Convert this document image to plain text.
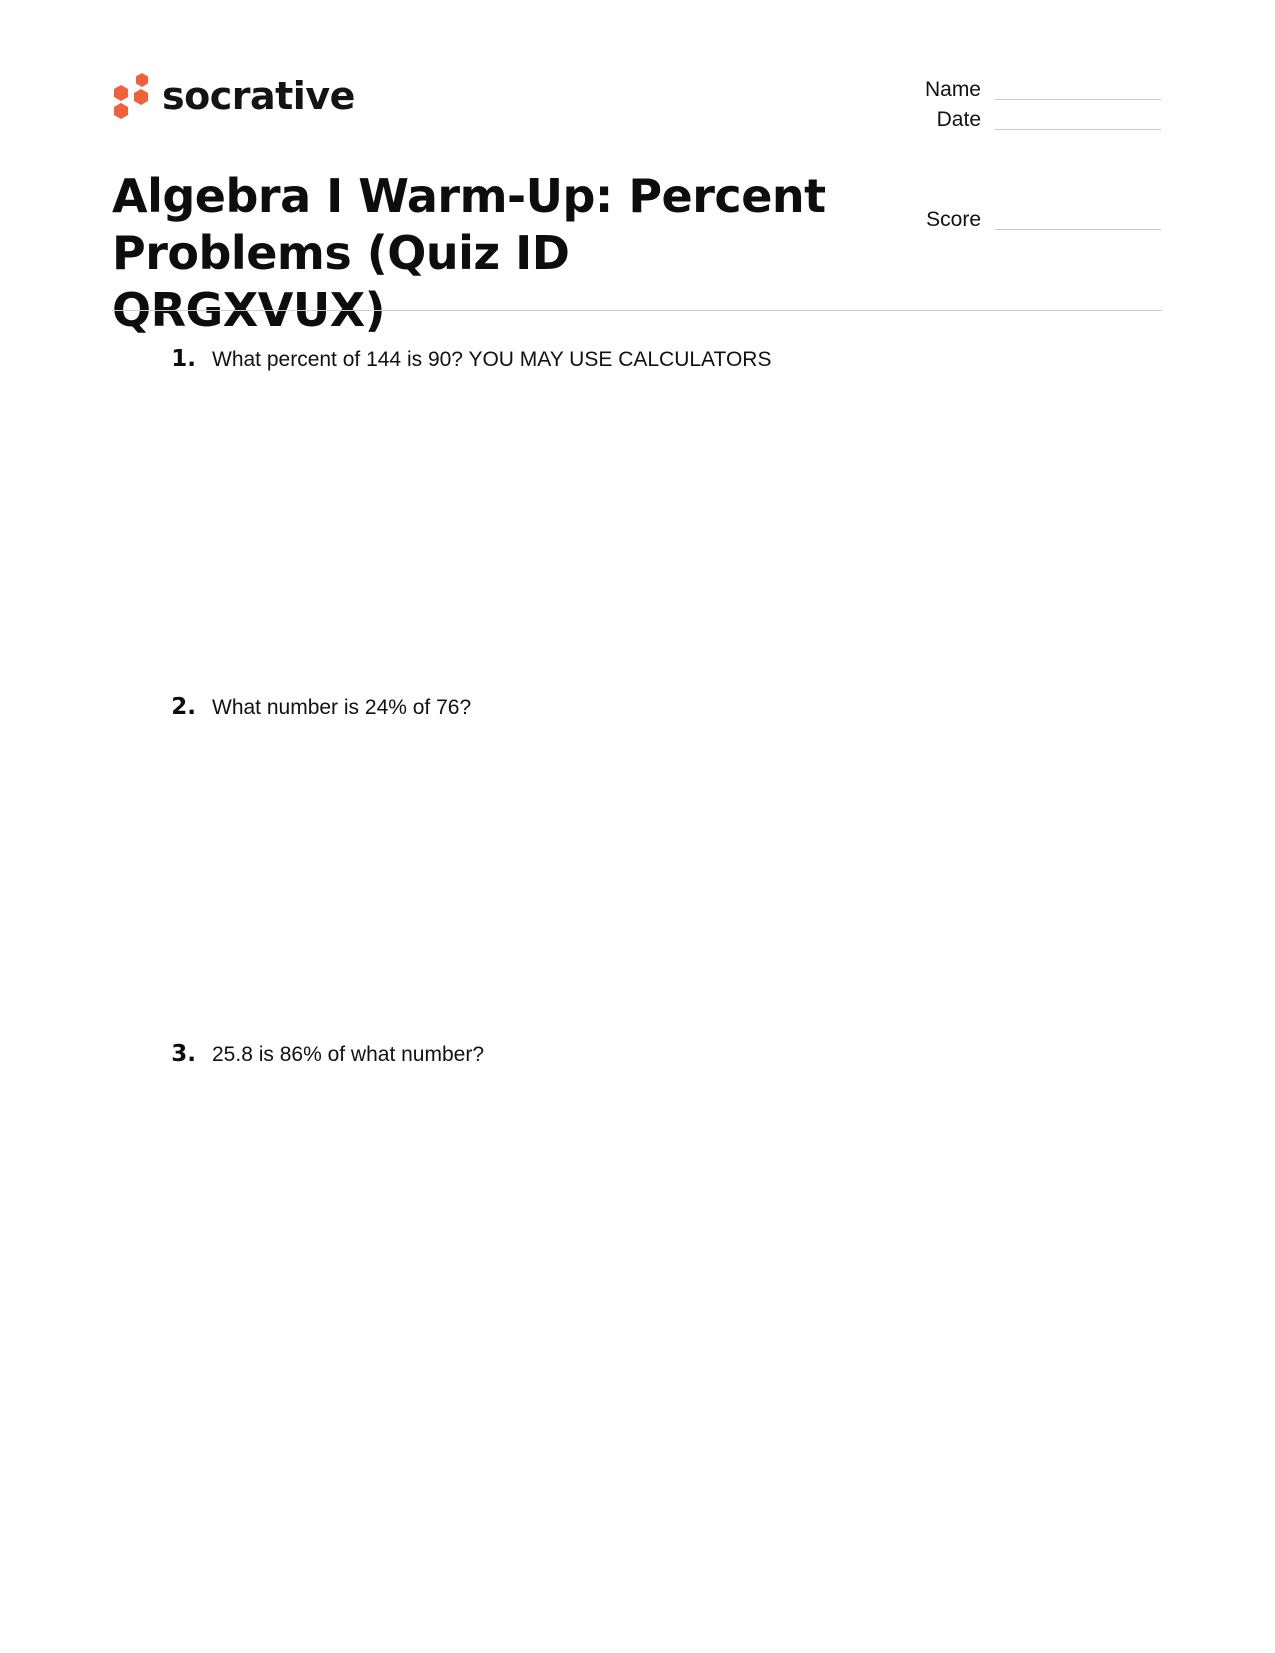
socrative	Name
Date
Algebra I Warm-Up: Percent Problems (Quiz ID QRGXVUX)
Score
1. What percent of 144 is 90? YOU MAY USE CALCULATORS
2. What number is 24% of 76?
3. 25.8 is 86% of what number?
